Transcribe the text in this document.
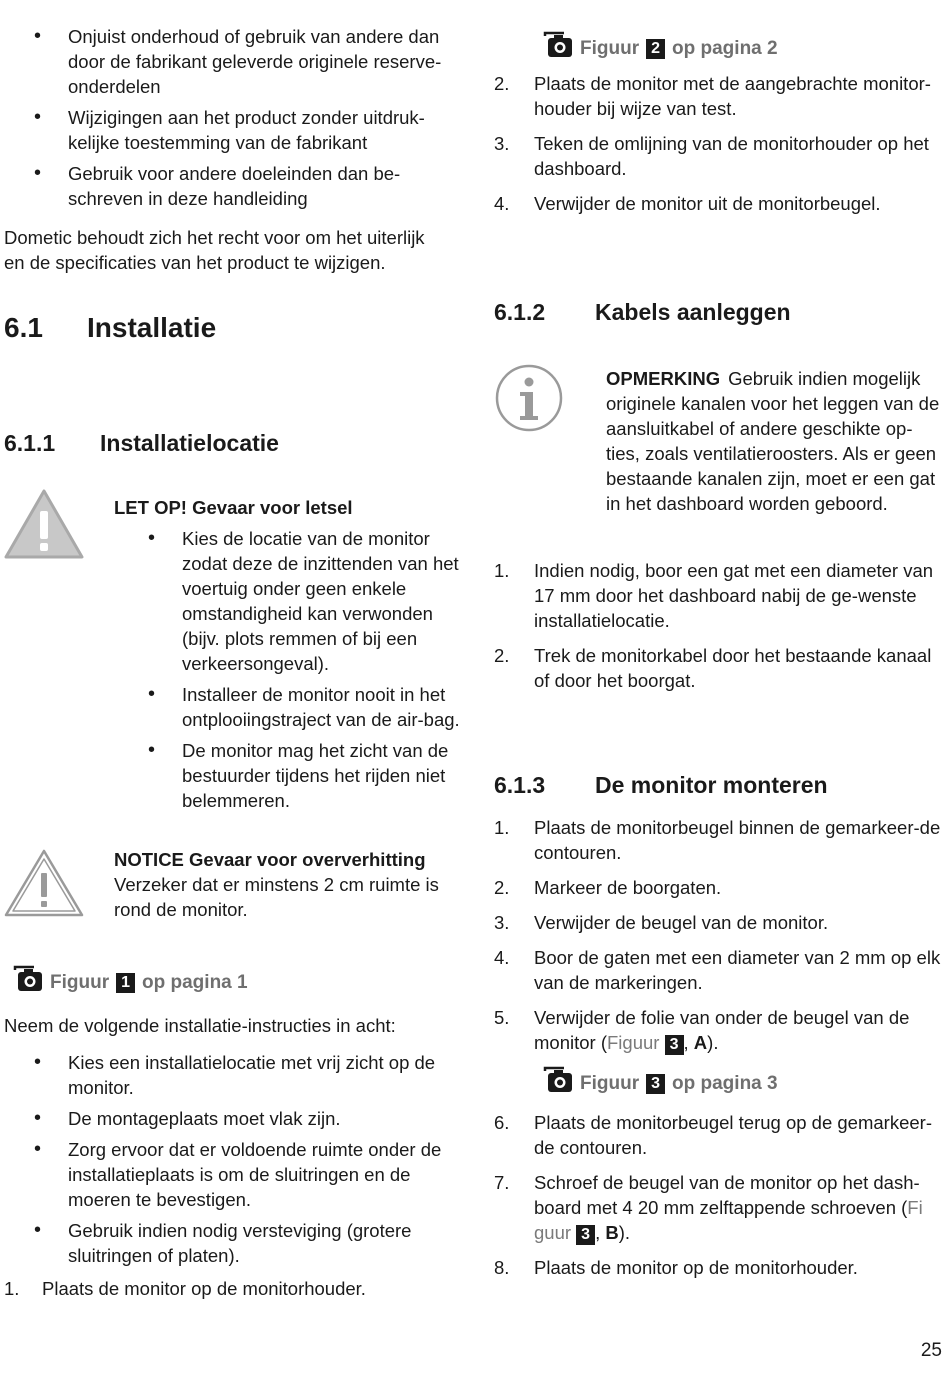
• Onjuist onderhoud of gebruik van andere dan door de fabrikant geleverde originele reserve-onderdelen
• Wijzigingen aan het product zonder uitdruk-kelijke toestemming van de fabrikant
• Gebruik voor andere doeleinden dan be-schreven in deze handleiding

Dometic behoudt zich het recht voor om het uiterlijk en de specificaties van het product te wijzigen.

6.1	Installatie
6.1.1	Installatielocatie
LET OP! Gevaar voor letsel
• Kies de locatie van de monitor zodat deze de inzittenden van het voertuig onder geen enkele omstandigheid kan verwonden (bijv. plots remmen of bij een verkeersongeval).
• Installeer de monitor nooit in het ontplooiingstraject van de air-bag.
• De monitor mag het zicht van de bestuurder tijdens het rijden niet belemmeren.
NOTICE Gevaar voor oververhitting
Verzeker dat er minstens 2 cm ruimte is rond de monitor.
Figuur 1 op pagina 1

Neem de volgende installatie-instructies in acht:

• Kies een installatielocatie met vrij zicht op de monitor.
• De montageplaats moet vlak zijn.
• Zorg ervoor dat er voldoende ruimte onder de installatieplaats is om de sluitringen en de moeren te bevestigen.
• Gebruik indien nodig versteviging (grotere sluitringen of platen).
1. Plaats de monitor op de monitorhouder.
Figuur 2 op pagina 2
2. Plaats de monitor met de aangebrachte monitor-houder bij wijze van test.
3. Teken de omlijning van de monitorhouder op het dashboard.
4. Verwijder de monitor uit de monitorbeugel.
6.1.2	Kabels aanleggen
OPMERKING Gebruik indien mogelijk originele kanalen voor het leggen van de aansluitkabel of andere geschikte op-ties, zoals ventilatieroosters. Als er geen bestaande kanalen zijn, moet er een gat in het dashboard worden geboord.
1. Indien nodig, boor een gat met een diameter van 17 mm door het dashboard nabij de ge-wenste installatielocatie.
2. Trek de monitorkabel door het bestaande kanaal of door het boorgat.
6.1.3	De monitor monteren
1. Plaats de monitorbeugel binnen de gemarkeer-de contouren.
2. Markeer de boorgaten.
3. Verwijder de beugel van de monitor.
4. Boor de gaten met een diameter van 2 mm op elk van de markeringen.
5. Verwijder de folie van onder de beugel van de monitor (Figuur 3 , A).
Figuur 3 op pagina 3
6. Plaats de monitorbeugel terug op de gemarkeer-de contouren.
7. Schroef de beugel van de monitor op het dash-board met 4 20 mm zelftappende schroeven (Fi
guur 3 , B).
8. Plaats de monitor op de monitorhouder.
25
